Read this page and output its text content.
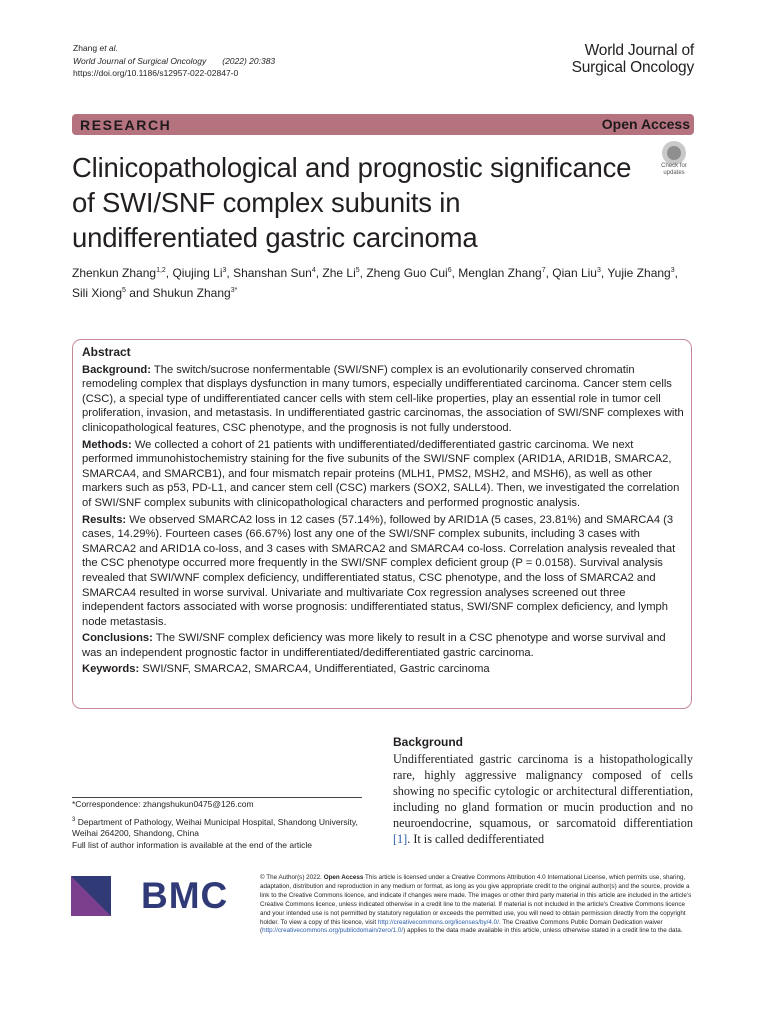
Zhang et al.
World Journal of Surgical Oncology (2022) 20:383
https://doi.org/10.1186/s12957-022-02847-0
World Journal of
Surgical Oncology
RESEARCH	Open Access
Clinicopathological and prognostic significance of SWI/SNF complex subunits in undifferentiated gastric carcinoma
Check for
updates
Zhenkun Zhang$^{1,2}$, Qiujing Li$^3$, Shanshan Sun$^4$, Zhe Li$^5$, Zheng Guo Cui$^6$, Menglan Zhang$^7$, Qian Liu$^3$, Yujie Zhang$^3$, Sili Xiong$^5$ and Shukun Zhang$^{3*}$
Abstract

Background: The switch/sucrose nonfermentable (SWI/SNF) complex is an evolutionarily conserved chromatin remodeling complex that displays dysfunction in many tumors, especially undifferentiated carcinoma. Cancer stem cells (CSC), a special type of undifferentiated cancer cells with stem cell-like properties, play an essential role in tumor cell proliferation, invasion, and metastasis. In undifferentiated gastric carcinomas, the association of SWI/SNF complexes with clinicopathological features, CSC phenotype, and the prognosis is not fully understood.

Methods: We collected a cohort of 21 patients with undifferentiated/dedifferentiated gastric carcinoma. We next performed immunohistochemistry staining for the five subunits of the SWI/SNF complex (ARID1A, ARID1B, SMARCA2, SMARCA4, and SMARCB1), and four mismatch repair proteins (MLH1, PMS2, MSH2, and MSH6), as well as other markers such as p53, PD-L1, and cancer stem cell (CSC) markers (SOX2, SALL4). Then, we investigated the correlation of SWI/SNF complex subunits with clinicopathological characters and performed prognostic analysis.

Results: We observed SMARCA2 loss in 12 cases (57.14%), followed by ARID1A (5 cases, 23.81%) and SMARCA4 (3 cases, 14.29%). Fourteen cases (66.67%) lost any one of the SWI/SNF complex subunits, including 3 cases with SMARCA2 and ARID1A co-loss, and 3 cases with SMARCA2 and SMARCA4 co-loss. Correlation analysis revealed that the CSC phenotype occurred more frequently in the SWI/SNF complex deficient group (P = 0.0158). Survival analysis revealed that SWI/WNF complex deficiency, undifferentiated status, CSC phenotype, and the loss of SMARCA2 and SMARCA4 resulted in worse survival. Univariate and multivariate Cox regression analyses screened out three independent factors associated with worse prognosis: undifferentiated status, SWI/SNF complex deficiency, and lymph node metastasis.

Conclusions: The SWI/SNF complex deficiency was more likely to result in a CSC phenotype and worse survival and was an independent prognostic factor in undifferentiated/dedifferentiated gastric carcinoma.

Keywords: SWI/SNF, SMARCA2, SMARCA4, Undifferentiated, Gastric carcinoma

Background
Undifferentiated gastric carcinoma is a histopathologically rare, highly aggressive malignancy composed of cells showing no specific cytologic or architectural differentiation, including no gland formation or mucin production and no neuroendocrine, squamous, or sarcomatoid differentiation [1]. It is called dedifferentiated
*Correspondence: zhangshukun0475@126.com
$^3$ Department of Pathology, Weihai Municipal Hospital, Shandong University,
Weihai 264200, Shandong, China
Full list of author information is available at the end of the article
BMC	© The Author(s) 2022. Open Access This article is licensed under a Creative Commons Attribution 4.0 International License, which permits use, sharing, adaptation, distribution and reproduction in any medium or format, as long as you give appropriate credit to the original author(s) and the source, provide a link to the Creative Commons licence, and indicate if changes were made. The images or other third party material in this article are included in the article's Creative Commons licence, unless indicated otherwise in a credit line to the material. If material is not included in the article's Creative Commons licence and your intended use is not permitted by statutory regulation or exceeds the permitted use, you will need to obtain permission directly from the copyright holder. To view a copy of this licence, visit http://creativecommons.org/licenses/by/4.0/. The Creative Commons Public Domain Dedication waiver (http://creativecommons.org/publicdomain/zero/1.0/) applies to the data made available in this article, unless otherwise stated in a credit line to the data.
